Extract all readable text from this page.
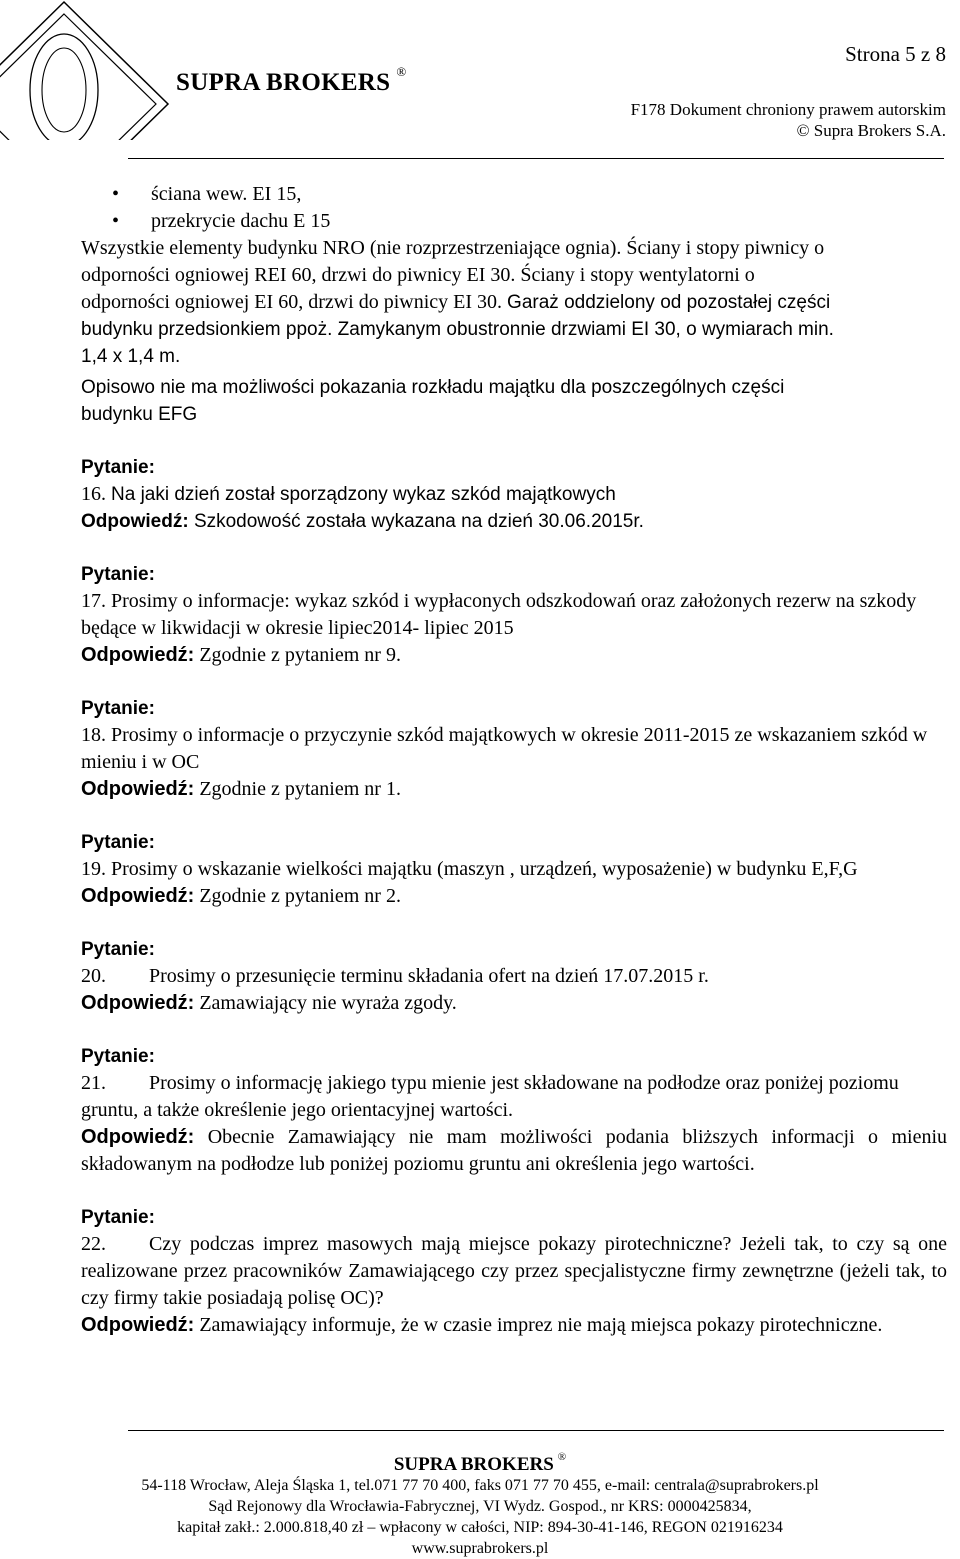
SUPRA BROKERS ®
Strona 5 z 8
F178 Dokument chroniony prawem autorskim
© Supra Brokers S.A.
•	ściana wew. EI 15,
•	przekrycie dachu E 15
Wszystkie elementy budynku NRO (nie rozprzestrzeniające ognia). Ściany i stopy piwnicy o
odporności ogniowej REI 60, drzwi do piwnicy EI 30. Ściany i stopy wentylatorni o
odporności ogniowej EI 60, drzwi do piwnicy EI 30. Garaż oddzielony od pozostałej części
budynku przedsionkiem ppoż. Zamykanym obustronnie drzwiami EI 30, o wymiarach min.
1,4 x 1,4 m.
Opisowo nie ma możliwości pokazania rozkładu majątku dla poszczególnych części
budynku EFG
Pytanie:
16. Na jaki dzień został sporządzony wykaz szkód majątkowych
Odpowiedź: Szkodowość została wykazana na dzień 30.06.2015r.
Pytanie:
17. Prosimy o informacje: wykaz szkód i wypłaconych odszkodowań oraz założonych rezerw na szkody będące w likwidacji w okresie lipiec2014- lipiec 2015
Odpowiedź: Zgodnie z pytaniem nr 9.
Pytanie:
18. Prosimy o informacje o przyczynie szkód majątkowych w okresie 2011-2015 ze wskazaniem szkód w mieniu i w OC
Odpowiedź: Zgodnie z pytaniem nr 1.
Pytanie:
19. Prosimy o wskazanie wielkości majątku (maszyn , urządzeń, wyposażenie) w budynku E,F,G
Odpowiedź: Zgodnie z pytaniem nr 2.
Pytanie:
20. Prosimy o przesunięcie terminu składania ofert na dzień 17.07.2015 r.
Odpowiedź: Zamawiający nie wyraża zgody.
Pytanie:
21. Prosimy o informację jakiego typu mienie jest składowane na podłodze oraz poniżej poziomu gruntu, a także określenie jego orientacyjnej wartości.
Odpowiedź: Obecnie Zamawiający nie mam możliwości podania bliższych informacji o mieniu składowanym na podłodze lub poniżej poziomu gruntu ani określenia jego wartości.
Pytanie:
22. Czy podczas imprez masowych mają miejsce pokazy pirotechniczne? Jeżeli tak, to czy są one realizowane przez pracowników Zamawiającego czy przez specjalistyczne firmy zewnętrzne (jeżeli tak, to czy firmy takie posiadają polisę OC)?
Odpowiedź: Zamawiający informuje, że w czasie imprez nie mają miejsca pokazy pirotechniczne.
SUPRA BROKERS ®
54-118 Wrocław, Aleja Śląska 1, tel.071 77 70 400, faks 071 77 70 455, e-mail: centrala@suprabrokers.pl
Sąd Rejonowy dla Wrocławia-Fabrycznej, VI Wydz. Gospod., nr KRS: 0000425834,
kapitał zakł.: 2.000.818,40 zł – wpłacony w całości, NIP: 894-30-41-146, REGON 021916234
www.suprabrokers.pl
